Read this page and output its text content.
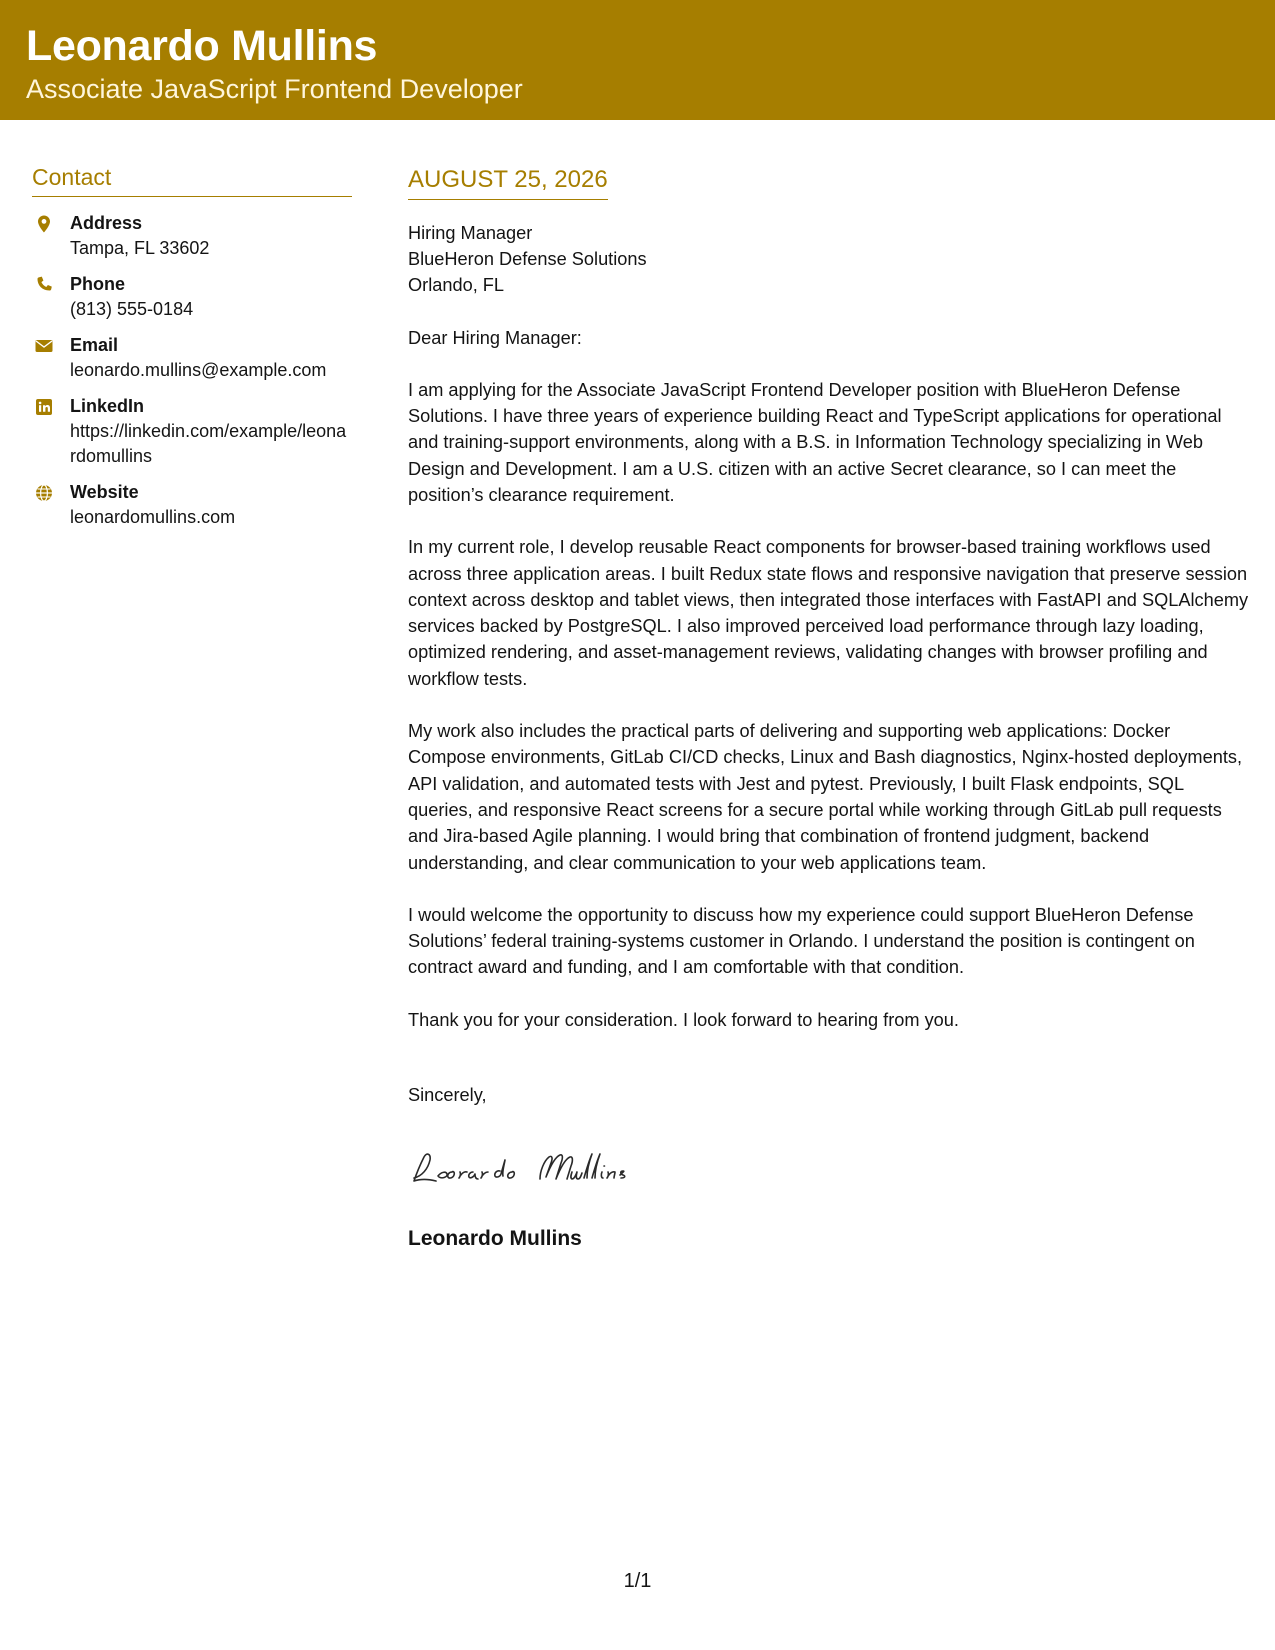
Leonardo Mullins
Associate JavaScript Frontend Developer
Contact
Address
Tampa, FL 33602
Phone
(813) 555-0184
Email
leonardo.mullins@example.com
LinkedIn
https://linkedin.com/example/leonardomullins
Website
leonardomullins.com
AUGUST 25, 2026
Hiring Manager
BlueHeron Defense Solutions
Orlando, FL
Dear Hiring Manager:

I am applying for the Associate JavaScript Frontend Developer position with BlueHeron Defense Solutions. I have three years of experience building React and TypeScript applications for operational and training-support environments, along with a B.S. in Information Technology specializing in Web Design and Development. I am a U.S. citizen with an active Secret clearance, so I can meet the position’s clearance requirement.

In my current role, I develop reusable React components for browser-based training workflows used across three application areas. I built Redux state flows and responsive navigation that preserve session context across desktop and tablet views, then integrated those interfaces with FastAPI and SQLAlchemy services backed by PostgreSQL. I also improved perceived load performance through lazy loading, optimized rendering, and asset-management reviews, validating changes with browser profiling and workflow tests.

My work also includes the practical parts of delivering and supporting web applications: Docker Compose environments, GitLab CI/CD checks, Linux and Bash diagnostics, Nginx-hosted deployments, API validation, and automated tests with Jest and pytest. Previously, I built Flask endpoints, SQL queries, and responsive React screens for a secure portal while working through GitLab pull requests and Jira-based Agile planning. I would bring that combination of frontend judgment, backend understanding, and clear communication to your web applications team.

I would welcome the opportunity to discuss how my experience could support BlueHeron Defense Solutions’ federal training-systems customer in Orlando. I understand the position is contingent on contract award and funding, and I am comfortable with that condition.

Thank you for your consideration. I look forward to hearing from you.

Sincerely,
Leonardo Mullins
1/1
